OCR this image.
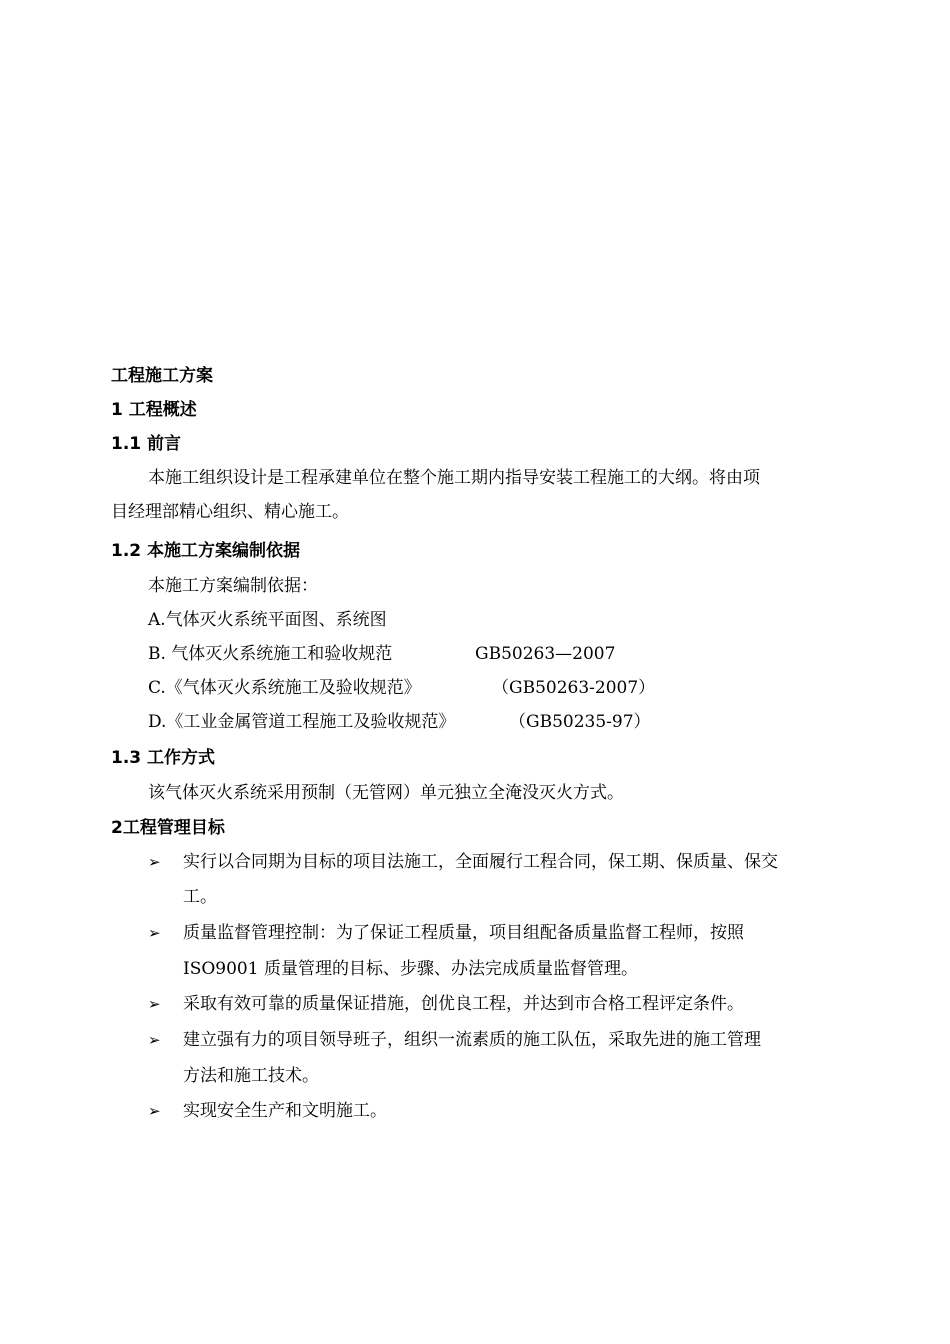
工程施工方案
1 工程概述
1.1 前言
本施工组织设计是工程承建单位在整个施工期内指导安装工程施工的大纲。将由项
目经理部精心组织、精心施工。
1.2 本施工方案编制依据
本施工方案编制依据：
A.气体灭火系统平面图、系统图
B. 气体灭火系统施工和验收规范	GB50263—2007
C.《气体灭火系统施工及验收规范》	（GB50263-2007）
D.《工业金属管道工程施工及验收规范》	（GB50235-97）
1.3 工作方式
该气体灭火系统采用预制（无管网）单元独立全淹没灭火方式。
2工程管理目标
➢ 实行以合同期为目标的项目法施工，全面履行工程合同，保工期、保质量、保交
工。
➢ 质量监督管理控制：为了保证工程质量，项目组配备质量监督工程师，按照
ISO9001 质量管理的目标、步骤、办法完成质量监督管理。
➢ 采取有效可靠的质量保证措施，创优良工程，并达到市合格工程评定条件。
➢ 建立强有力的项目领导班子，组织一流素质的施工队伍，采取先进的施工管理
方法和施工技术。
➢ 实现安全生产和文明施工。
